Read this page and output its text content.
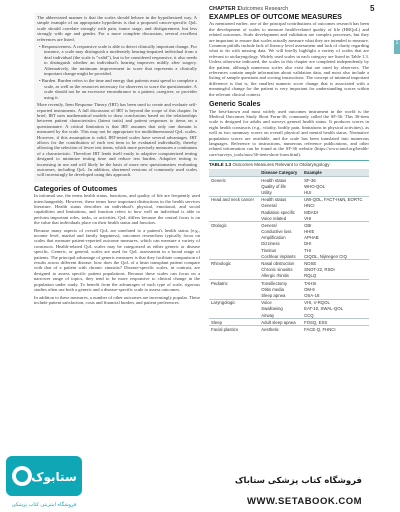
CHAPTER 1
Outcomes Research	5
1

The abbreviated manner is that the scales should behave in the hypothesized way. A simple example of an appropriate hypothesis is that a proposed cancer-specific QoL scale should correlate strongly with pain, tumor stage, and disfigurement, but less strongly with age and gender. For a more complete discussion, several excellent references are listed.

• Responsiveness. A responsive scale is able to detect clinically important change. For instance, a scale may distinguish a moderately hearing-impaired individual from a deaf individual (the scale is "valid"), but to be considered responsive, it also needs to distinguish whether an individual's hearing improves mildly after surgery. Alternatively, the minimum improvement in score that represents a clinically important change might be provided.

• Burden. Burden refers to the time and energy that patients must spend to complete a scale, as well as the resources necessary for observers to score the questionnaire. A scale should not be an excessive encumbrance to a patient, caregiver, or provider using it.

More recently, Item Response Theory (IRT) has been used to create and evaluate self-reported instruments. A full discussion of IRT is beyond the scope of this chapter. In brief, IRT uses mathematical models to draw conclusions based on the relationships between patient characteristics (latent traits) and patient responses to items on a questionnaire. A critical limitation is that IRT assumes that only one domain is measured by the scale. This may not be appropriate for multidimensional QoL scales. However, if this assumption is valid, IRT-tested scales have several advantages. IRT allows for the contribution of each test item to be evaluated individually, thereby allowing the selection of fewer test items, which more precisely measures a continuum of a characteristic. Therefore IRT lends itself easily to adaptive computerized testing designed to minimize testing time and reduce test burden. Adaptive testing is increasing in use and will likely be the basis of more new questionnaires evaluating outcomes, including QoL. In addition, shortened versions of commonly used scales will increasingly be developed using this approach.

Categories of Outcomes

In informal use, the terms health status, functions, and quality of life are frequently used interchangeably. However, these terms have important distinctions in the health services literature. Health status describes an individual's physical, emotional, and social capabilities and limitations, and function refers to how well an individual is able to perform important roles, tasks, or activities. QoL differs because the central focus is on the value that individuals place on their health status and function.

Because many aspects of overall QoL are unrelated to a patient's health status (e.g., income level, marital and family happiness), outcomes researchers typically focus on scales that measure patient-reported outcome measures, which can measure a variety of constructs. Health-related QoL scales may be categorized as either generic or disease specific. Generic, or general, scales are used for QoL assessment in a broad range of patients. The principal advantage of generic measures is that they facilitate comparison of results across different disease: how does the QoL of a heart transplant patient compare with that of a patient with chronic sinusitis? Disease-specific scales, in contrast, are designed to assess specific patient populations. Because these scales can focus on a narrower range of topics, they tend to be more responsive to clinical change in the population under study. To benefit from the advantages of each type of scale, rigorous studies often use both a generic and a disease-specific scale to assess outcomes.

In addition to these measures, a number of other outcomes are increasingly popular. These include patient satisfaction, costs and financial burden, and patient preferences.

EXAMPLES OF OUTCOME MEASURES

As mentioned earlier, one of the principal contributions of outcomes research has been the development of scales to measure health-related quality of life (HRQoL) and related outcomes. Scale development and validation are complex processes, but they are important to ensure that scales actually measure what they are intended to measure. Common pitfalls include lack of literacy level assessment and lack of clarity regarding what to do with missing data. We will briefly highlight a variety of scales that are relevant to otolaryngology. Widely used scales in each category are listed in Table 1.3. Unless otherwise indicated, the scales in this chapter are completed independently by the patient, although numerous scales also exist that are rated by observers. The references contain ample information about validation data, and most also include a listing of sample questions and scoring instructions. The concept of minimal important difference is that is, the smallest numeric score change that is associated with a meaningful change for the patient is very important for understanding scores within the relevant clinical context.

Generic Scales

The best-known and most widely used outcomes instrument in the world is the Medical Outcomes Study Short Form-36, commonly called the SF-36. This 36-item scale is designed for adults and surveys general health status. It produces scores in eight health constructs (e.g., vitality, bodily pain, limitations in physical activities), as well as two summary scores on overall physical and mental health status. Normative population scores are available, and the scale has been translated into numerous languages. Reference to instructions, numerous reference publications, and other related information can be found at the SF-36 website (https://www.rand.org/health-care/surveys_tools/mos/36-item-short-form.html).

TABLE 1.3 Outcomes Measures Relevant to Otolaryngology
	Disease Category	Example
Generic	Health status	SF-36
	Quality of life	WHO-QOL
	Utility	HUI
Head and neck cancer	Health status	UW-QOL, FACT-H&N, EORTC
	General	HNCI
	Radiation specific	MDADI
	Voice related	VHI
Otologic	General	GBI
	Conductive loss	HHIE
	Amplification	APHAB
	Dizziness	DHI
	Tinnitus	THI
	Cochlear implants	CIQOL, Nijmegen CIQ
Rhinologic	Nasal obstruction	NOSE
	Chronic sinusitis	SNOT-22, RSDI
	Allergic rhinitis	RQLQ
Pediatric	Tonsillectomy	TAHSI
	Otitis media	OM-6
	Sleep apnea	OSA-18
Laryngologic	Voice	VHI, V-RQOL
	Swallowing	EAT-10, SWAL-QOL
	Airway	CCQ
Sleep	Adult sleep apnea	FOSQ, ESS
Facial plastics	Aesthetic	FACE-Q, FHNCI
ستابوک
فروشگاه اینترنتی کتاب پزشکی
فروشگاه کتاب پزشکی ستاباک
WWW.SETABOOK.COM
